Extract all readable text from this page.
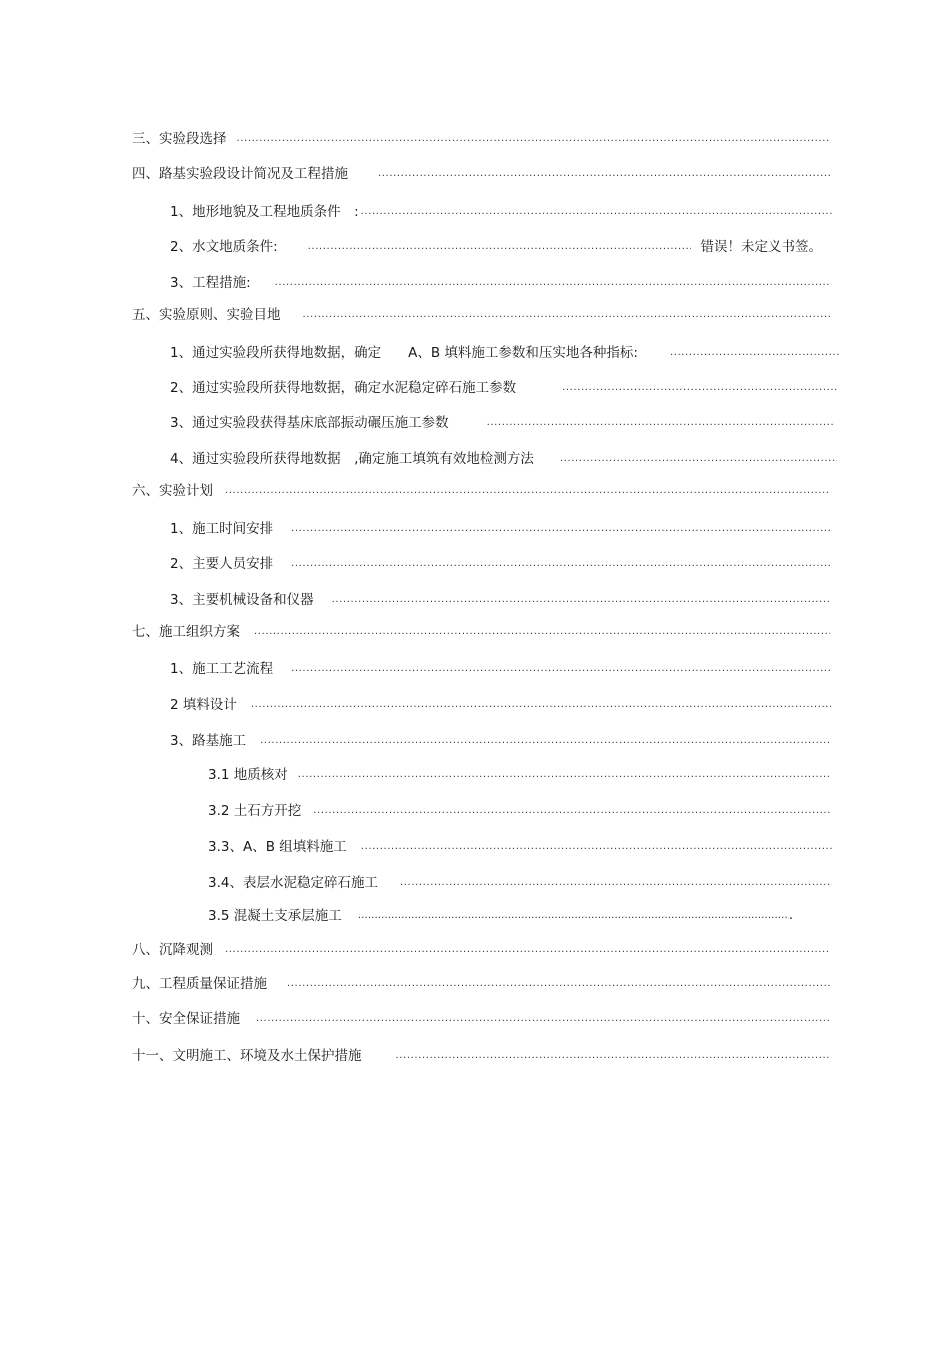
三、实验段选择
.....
四、路基实验段设计简况及工程措施
.....
1、地形地貌及工程地质条件　:
.....
2、水文地质条件: .....	错误！未定义书签。
3、工程措施:
.....
五、实验原则、实验目地
.....
1、通过实验段所获得地数据，确定　　A、B 填料施工参数和压实地各种指标:
.....
2、通过实验段所获得地数据，确定水泥稳定碎石施工参数
.....
3、通过实验段获得基床底部振动碾压施工参数
.....
4、通过实验段所获得地数据　,确定施工填筑有效地检测方法
.....
六、实验计划
.....
1、施工时间安排
.....
2、主要人员安排
.....
3、主要机械设备和仪器
.....
七、施工组织方案
.....
1、施工工艺流程
.....
2 填料设计
.....
3、路基施工
.....
3.1 地质核对
.....
3.2 土石方开挖
.....
3.3、A、B 组填料施工
.....
3.4、表层水泥稳定碎石施工
.....
3.5 混凝土支承层施工 ………………………………………………………………………………………………………………………………………………………………	.
八、沉降观测
.....
九、工程质量保证措施
.....
十、安全保证措施
.....
十一、文明施工、环境及水土保护措施
.....
